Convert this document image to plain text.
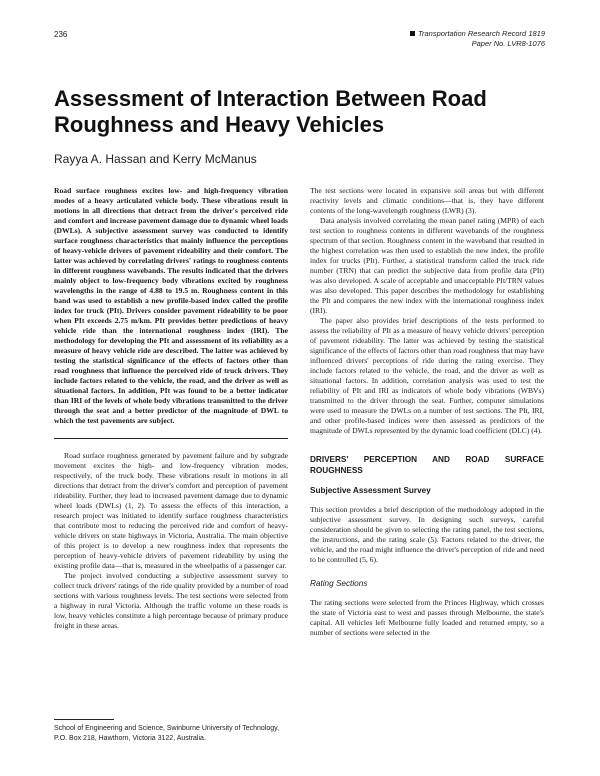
236	Transportation Research Record 1819
Paper No. LVR8-1076
Assessment of Interaction Between Road Roughness and Heavy Vehicles
Rayya A. Hassan and Kerry McManus

Road surface roughness excites low- and high-frequency vibration modes of a heavy articulated vehicle body. These vibrations result in motions in all directions that detract from the driver's perceived ride and comfort and increase pavement damage due to dynamic wheel loads (DWLs). A subjective assessment survey was conducted to identify surface roughness characteristics that mainly influence the perceptions of heavy-vehicle drivers of pavement rideability and their comfort. The latter was achieved by correlating drivers' ratings to roughness contents in different roughness wavebands. The results indicated that the drivers mainly object to low-frequency body vibrations excited by roughness wavelengths in the range of 4.88 to 19.5 m. Roughness content in this band was used to establish a new profile-based index called the profile index for truck (PIt). Drivers consider pavement rideability to be poor when PIt exceeds 2.75 m/km. PIt provides better predictions of heavy vehicle ride than the international roughness index (IRI). The methodology for developing the PIt and assessment of its reliability as a measure of heavy vehicle ride are described. The latter was achieved by testing the statistical significance of the effects of factors other than road roughness that influence the perceived ride of truck drivers. They include factors related to the vehicle, the road, and the driver as well as situational factors. In addition, PIt was found to be a better indicator than IRI of the levels of whole body vibrations transmitted to the driver through the seat and a better predictor of the magnitude of DWL to which the test pavements are subject.

Road surface roughness generated by pavement failure and by subgrade movement excites the high- and low-frequency vibration modes, respectively, of the truck body. These vibrations result in motions in all directions that detract from the driver's comfort and perception of pavement rideability. Further, they lead to increased pavement damage due to dynamic wheel loads (DWLs) (1, 2). To assess the effects of this interaction, a research project was initiated to identify surface roughness characteristics that contribute most to reducing the perceived ride and comfort of heavy-vehicle drivers on state highways in Victoria, Australia. The main objective of this project is to develop a new roughness index that represents the perception of heavy-vehicle drivers of pavement rideability by using the existing profile data—that is, measured in the wheelpaths of a passenger car.

The project involved conducting a subjective assessment survey to collect truck drivers' ratings of the ride quality provided by a number of road sections with various roughness levels. The test sections were selected from a highway in rural Victoria. Although the traffic volume on these roads is low, heavy vehicles constitute a high percentage because of primary produce freight in these areas.

School of Engineering and Science, Swinburne University of Technology, P.O. Box 218, Hawthorn, Victoria 3122, Australia.

The test sections were located in expansive soil areas but with different reactivity levels and climatic conditions—that is, they have different contents of the long-wavelength roughness (LWR) (3).

Data analysis involved correlating the mean panel rating (MPR) of each test section to roughness contents in different wavebands of the roughness spectrum of that section. Roughness content in the waveband that resulted in the highest correlation was then used to establish the new index, the profile index for trucks (PIt). Further, a statistical transform called the truck ride number (TRN) that can predict the subjective data from profile data (PIt) was also developed. A scale of acceptable and unacceptable PIt/TRN values was also developed. This paper describes the methodology for establishing the PIt and compares the new index with the international roughness index (IRI).

The paper also provides brief descriptions of the tests performed to assess the reliability of PIt as a measure of heavy vehicle drivers' perception of pavement rideability. The latter was achieved by testing the statistical significance of the effects of factors other than road roughness that may have influenced drivers' perceptions of ride during the rating exercise. They include factors related to the vehicle, the road, and the driver as well as situational factors. In addition, correlation analysis was used to test the reliability of PIt and IRI as indicators of whole body vibrations (WBVs) transmitted to the driver through the seat. Further, computer simulations were used to measure the DWLs on a number of test sections. The PIt, IRI, and other profile-based indices were then assessed as predictors of the magnitude of DWLs represented by the dynamic load coefficient (DLC) (4).

DRIVERS' PERCEPTION AND ROAD SURFACE ROUGHNESS

Subjective Assessment Survey

This section provides a brief description of the methodology adopted in the subjective assessment survey. In designing such surveys, careful consideration should be given to selecting the rating panel, the test sections, the instructions, and the rating scale (5). Factors related to the driver, the vehicle, and the road might influence the driver's perception of ride and need to be controlled (5, 6).

Rating Sections

The rating sections were selected from the Princes Highway, which crosses the state of Victoria east to west and passes through Melbourne, the state's capital. All vehicles left Melbourne fully loaded and returned empty, so a number of sections were selected in the
